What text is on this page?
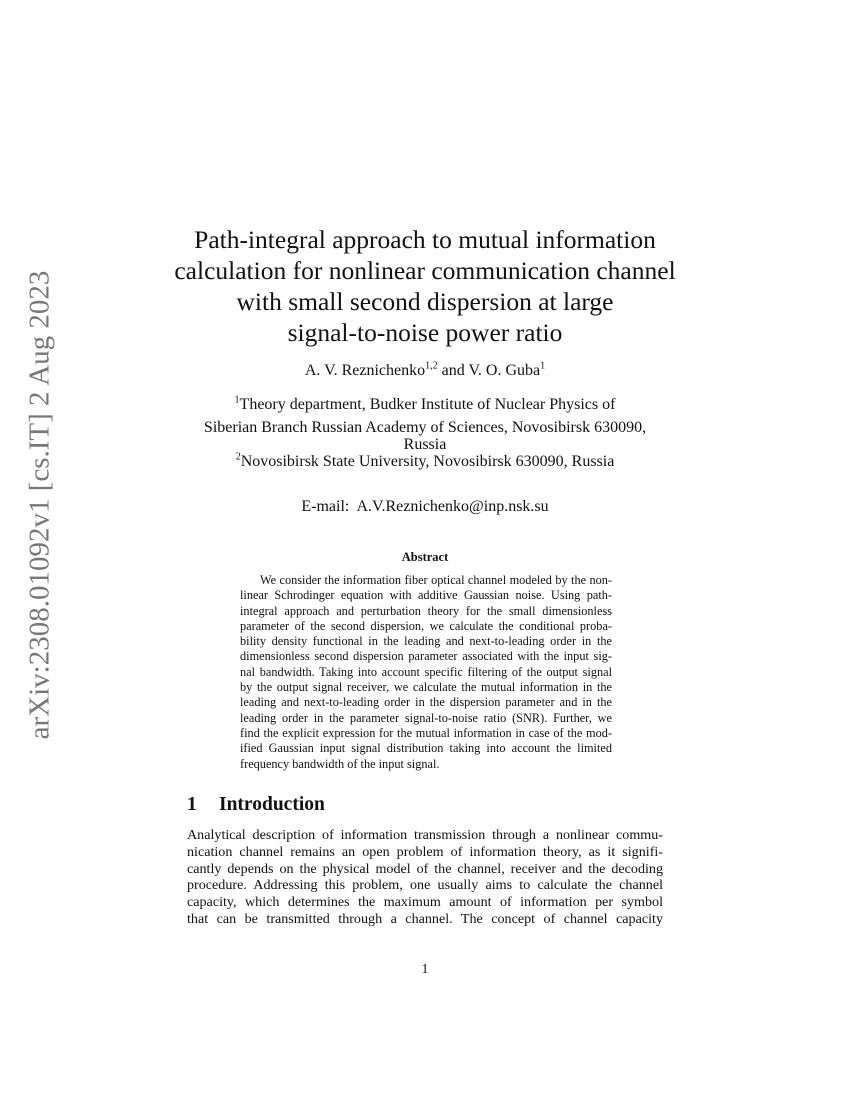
arXiv:2308.01092v1 [cs.IT] 2 Aug 2023
Path-integral approach to mutual information
calculation for nonlinear communication channel
with small second dispersion at large
signal-to-noise power ratio
A. V. Reznichenko$^{1,2}$ and V. O. Guba$^1$
$^1$Theory department, Budker Institute of Nuclear Physics of
Siberian Branch Russian Academy of Sciences, Novosibirsk 630090,
Russia
$^2$Novosibirsk State University, Novosibirsk 630090, Russia
E-mail:  A.V.Reznichenko@inp.nsk.su
Abstract
We consider the information fiber optical channel modeled by the non-
linear Schrodinger equation with additive Gaussian noise. Using path-
integral approach and perturbation theory for the small dimensionless
parameter of the second dispersion, we calculate the conditional proba-
bility density functional in the leading and next-to-leading order in the
dimensionless second dispersion parameter associated with the input sig-
nal bandwidth. Taking into account specific filtering of the output signal
by the output signal receiver, we calculate the mutual information in the
leading and next-to-leading order in the dispersion parameter and in the
leading order in the parameter signal-to-noise ratio (SNR). Further, we
find the explicit expression for the mutual information in case of the mod-
ified Gaussian input signal distribution taking into account the limited
frequency bandwidth of the input signal.
1 Introduction
Analytical description of information transmission through a nonlinear commu-
nication channel remains an open problem of information theory, as it signifi-
cantly depends on the physical model of the channel, receiver and the decoding
procedure. Addressing this problem, one usually aims to calculate the channel
capacity, which determines the maximum amount of information per symbol
that can be transmitted through a channel. The concept of channel capacity
1
